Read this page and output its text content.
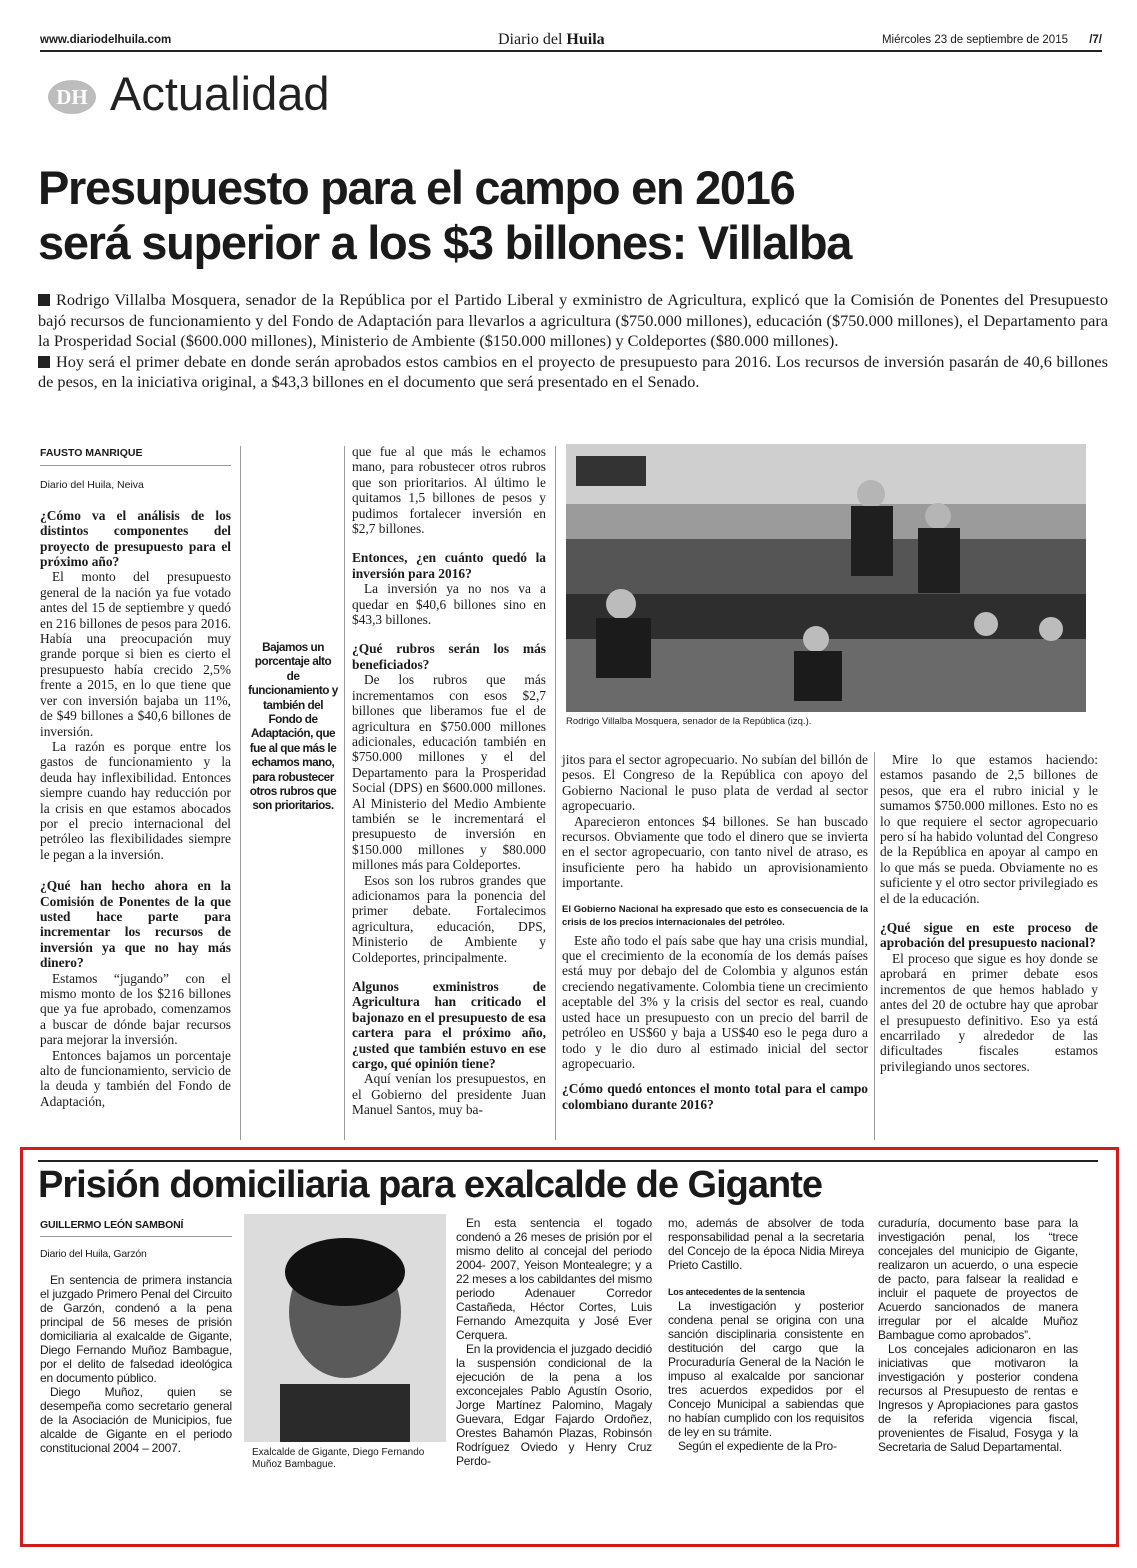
www.diariodelhuila.com	Diario del Huila	Miércoles 23 de septiembre de 2015 /7/
DH Actualidad
Presupuesto para el campo en 2016
será superior a los $3 billones: Villalba

Rodrigo Villalba Mosquera, senador de la República por el Partido Liberal y exministro de Agricultura, explicó que la Comisión de Ponentes del Presupuesto bajó recursos de funcionamiento y del Fondo de Adaptación para llevarlos a agricultura ($750.000 millones), educación ($750.000 millones), el Departamento para la Prosperidad Social ($600.000 millones), Ministerio de Ambiente ($150.000 millones) y Coldeportes ($80.000 millones).

Hoy será el primer debate en donde serán aprobados estos cambios en el proyecto de presupuesto para 2016. Los recursos de inversión pasarán de 40,6 billones de pesos, en la iniciativa original, a $43,3 billones en el documento que será presentado en el Senado.

FAUSTO MANRIQUE
Diario del Huila, Neiva

¿Cómo va el análisis de los distintos componentes del proyecto de presupuesto para el próximo año?

El monto del presupuesto general de la nación ya fue votado antes del 15 de septiembre y quedó en 216 billones de pesos para 2016. Había una preocupación muy grande porque si bien es cierto el presupuesto había crecido 2,5% frente a 2015, en lo que tiene que ver con inversión bajaba un 11%, de $49 billones a $40,6 billones de inversión.

La razón es porque entre los gastos de funcionamiento y la deuda hay inflexibilidad. Entonces siempre cuando hay reducción por la crisis en que estamos abocados por el precio internacional del petróleo las flexibilidades siempre le pegan a la inversión.

¿Qué han hecho ahora en la Comisión de Ponentes de la que usted hace parte para incrementar los recursos de inversión ya que no hay más dinero?

Estamos “jugando” con el mismo monto de los $216 billones que ya fue aprobado, comenzamos a buscar de dónde bajar recursos para mejorar la inversión.

Entonces bajamos un porcentaje alto de funcionamiento, servicio de la deuda y también del Fondo de Adaptación,

Bajamos un porcentaje alto de funcionamiento y también del Fondo de Adaptación, que fue al que más le echamos mano, para robustecer otros rubros que son prioritarios.

que fue al que más le echamos mano, para robustecer otros rubros que son prioritarios. Al último le quitamos 1,5 billones de pesos y pudimos fortalecer inversión en $2,7 billones.

Entonces, ¿en cuánto quedó la inversión para 2016?

La inversión ya no nos va a quedar en $40,6 billones sino en $43,3 billones.

¿Qué rubros serán los más beneficiados?

De los rubros que más incrementamos con esos $2,7 billones que liberamos fue el de agricultura en $750.000 millones adicionales, educación también en $750.000 millones y el del Departamento para la Prosperidad Social (DPS) en $600.000 millones. Al Ministerio del Medio Ambiente también se le incrementará el presupuesto de inversión en $150.000 millones y $80.000 millones más para Coldeportes.

Esos son los rubros grandes que adicionamos para la ponencia del primer debate. Fortalecimos agricultura, educación, DPS, Ministerio de Ambiente y Coldeportes, principalmente.

Algunos exministros de Agricultura han criticado el bajonazo en el presupuesto de esa cartera para el próximo año, ¿usted que también estuvo en ese cargo, qué opinión tiene?

Aquí venían los presupuestos, en el Gobierno del presidente Juan Manuel Santos, muy ba-

Rodrigo Villalba Mosquera, senador de la República (izq.).

jitos para el sector agropecuario. No subían del billón de pesos. El Congreso de la República con apoyo del Gobierno Nacional le puso plata de verdad al sector agropecuario.

Aparecieron entonces $4 billones. Se han buscado recursos. Obviamente que todo el dinero que se invierta en el sector agropecuario, con tanto nivel de atraso, es insuficiente pero ha habido un aprovisionamiento importante.

El Gobierno Nacional ha expresado que esto es consecuencia de la crisis de los precios internacionales del petróleo.

Este año todo el país sabe que hay una crisis mundial, que el crecimiento de la economía de los demás países está muy por debajo del de Colombia y algunos están creciendo negativamente. Colombia tiene un crecimiento aceptable del 3% y la crisis del sector es real, cuando usted hace un presupuesto con un precio del barril de petróleo en US$60 y baja a US$40 eso le pega duro a todo y le dio duro al estimado inicial del sector agropecuario.

¿Cómo quedó entonces el monto total para el campo colombiano durante 2016?

Mire lo que estamos haciendo: estamos pasando de 2,5 billones de pesos, que era el rubro inicial y le sumamos $750.000 millones. Esto no es lo que requiere el sector agropecuario pero sí ha habido voluntad del Congreso de la República en apoyar al campo en lo que más se pueda. Obviamente no es suficiente y el otro sector privilegiado es el de la educación.

¿Qué sigue en este proceso de aprobación del presupuesto nacional?

El proceso que sigue es hoy donde se aprobará en primer debate esos incrementos de que hemos hablado y antes del 20 de octubre hay que aprobar el presupuesto definitivo. Eso ya está encarrilado y alrededor de las dificultades fiscales estamos privilegiando unos sectores.

Prisión domiciliaria para exalcalde de Gigante
GUILLERMO LEÓN SAMBONÍ
Diario del Huila, Garzón

En sentencia de primera instancia el juzgado Primero Penal del Circuito de Garzón, condenó a la pena principal de 56 meses de prisión domiciliaria al exalcalde de Gigante, Diego Fernando Muñoz Bambague, por el delito de falsedad ideológica en documento público.

Diego Muñoz, quien se desempeña como secretario general de la Asociación de Municipios, fue alcalde de Gigante en el periodo constitucional 2004 – 2007.	Exalcalde de Gigante, Diego Fernando Muñoz Bambague.

En esta sentencia el togado condenó a 26 meses de prisión por el mismo delito al concejal del periodo 2004- 2007, Yeison Montealegre; y a 22 meses a los cabildantes del mismo periodo Adenauer Corredor Castañeda, Héctor Cortes, Luis Fernando Amezquita y José Ever Cerquera.

En la providencia el juzgado decidió la suspensión condicional de la ejecución de la pena a los exconcejales Pablo Agustín Osorio, Jorge Martínez Palomino, Magaly Guevara, Edgar Fajardo Ordoñez, Orestes Bahamón Plazas, Robinsón Rodríguez Oviedo y Henry Cruz Perdo-

mo, además de absolver de toda responsabilidad penal a la secretaria del Concejo de la época Nidia Mireya Prieto Castillo.

Los antecedentes de la sentencia

La investigación y posterior condena penal se origina con una sanción disciplinaria consistente en destitución del cargo que la Procuraduría General de la Nación le impuso al exalcalde por sancionar tres acuerdos expedidos por el Concejo Municipal a sabiendas que no habían cumplido con los requisitos de ley en su trámite.

Según el expediente de la Pro-

curaduría, documento base para la investigación penal, los “trece concejales del municipio de Gigante, realizaron un acuerdo, o una especie de pacto, para falsear la realidad e incluir el paquete de proyectos de Acuerdo sancionados de manera irregular por el alcalde Muñoz Bambague como aprobados”.

Los concejales adicionaron en las iniciativas que motivaron la investigación y posterior condena recursos al Presupuesto de rentas e Ingresos y Apropiaciones para gastos de la referida vigencia fiscal, provenientes de Fisalud, Fosyga y la Secretaria de Salud Departamental.
